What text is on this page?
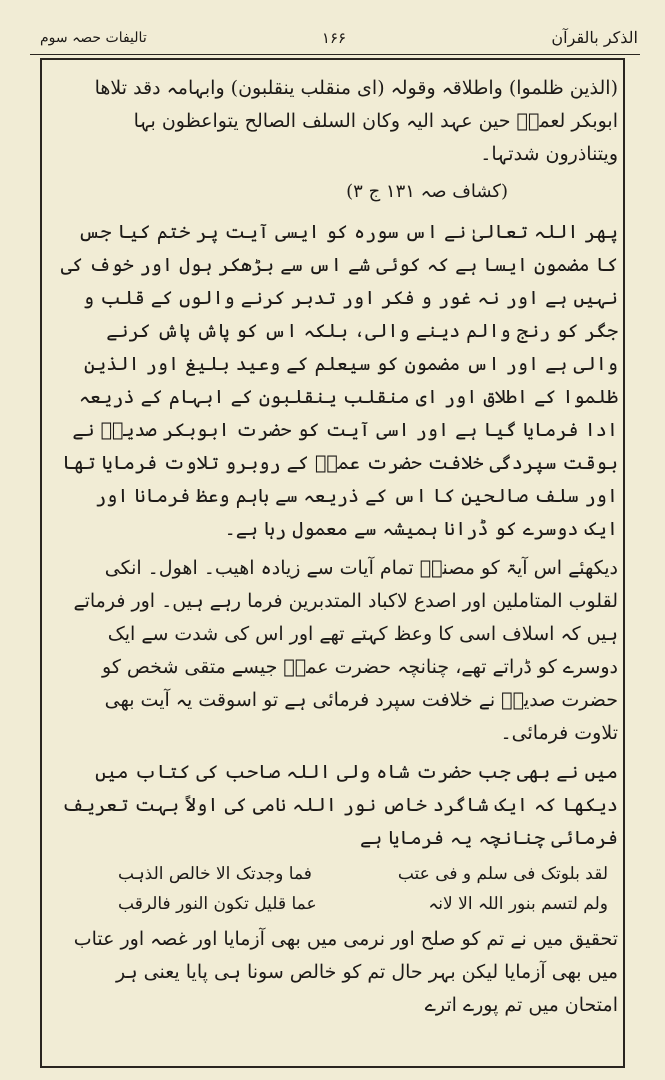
الذکر بالقرآن
۱۶۶
تالیفات حصہ سوم

(الذین ظلموا) واطلاقہ وقولہ (ای منقلب ینقلبون) وابہامہ دقد تلاھا ابوبکر لعمرؓ حین عہد الیہ وکان السلف الصالح یتواعظون بہا ویتناذرون شدتہا۔

(کشاف صہ ۱۳۱ ج ۳)

پھر اللہ تعالیٰ نے اس سورہ کو ایسی آیت پر ختم کیا جس کا مضمون ایسا ہے کہ کوئی شے اس سے بڑھکر ہول اور خوف کی نہیں ہے اور نہ غور و فکر اور تدبر کرنے والوں کے قلب و جگر کو رنج والم دینے والی، بلکہ اس کو پاش پاش کرنے والی ہے اور اس مضمون کو سیعلم کے وعید بلیغ اور الذین ظلموا کے اطلاق اور ای منقلب ینقلبون کے ابہام کے ذریعہ ادا فرمایا گیا ہے اور اسی آیت کو حضرت ابوبکر صدیقؓ نے بوقت سپردگی خلافت حضرت عمرؓ کے روبرو تلاوت فرمایا تھا اور سلف صالحین کا اس کے ذریعہ سے باہم وعظ فرمانا اور ایک دوسرے کو ڈرانا ہمیشہ سے معمول رہا ہے۔

دیکھئے اس آیۃ کو مصنفؒ تمام آیات سے زیادہ اھیب۔ اھول۔ انکی لقلوب المتاملین اور اصدع لاکباد المتدبرین فرما رہے ہیں۔ اور فرماتے ہیں کہ اسلاف اسی کا وعظ کہتے تھے اور اس کی شدت سے ایک دوسرے کو ڈراتے تھے، چنانچہ حضرت عمرؓ جیسے متقی شخص کو حضرت صدیقؓ نے خلافت سپرد فرمائی ہے تو اسوقت یہ آیت بھی تلاوت فرمائی۔

میں نے بھی جب حضرت شاہ ولی اللہ صاحب کی کتاب میں دیکھا کہ ایک شاگرد خاص نور اللہ نامی کی اولاً بہت تعریف فرمائی چنانچہ یہ فرمایا ہے

لقد بلوتک فی سلم و فی عتب
فما وجدتک الا خالص الذہب
ولم لتسم بنور اللہ الا لانہ
عما قلیل تکون النور فالرقب

تحقیق میں نے تم کو صلح اور نرمی میں بھی آزمایا اور غصہ اور عتاب میں بھی آزمایا لیکن بہر حال تم کو خالص سونا ہی پایا یعنی ہر امتحان میں تم پورے اترے
